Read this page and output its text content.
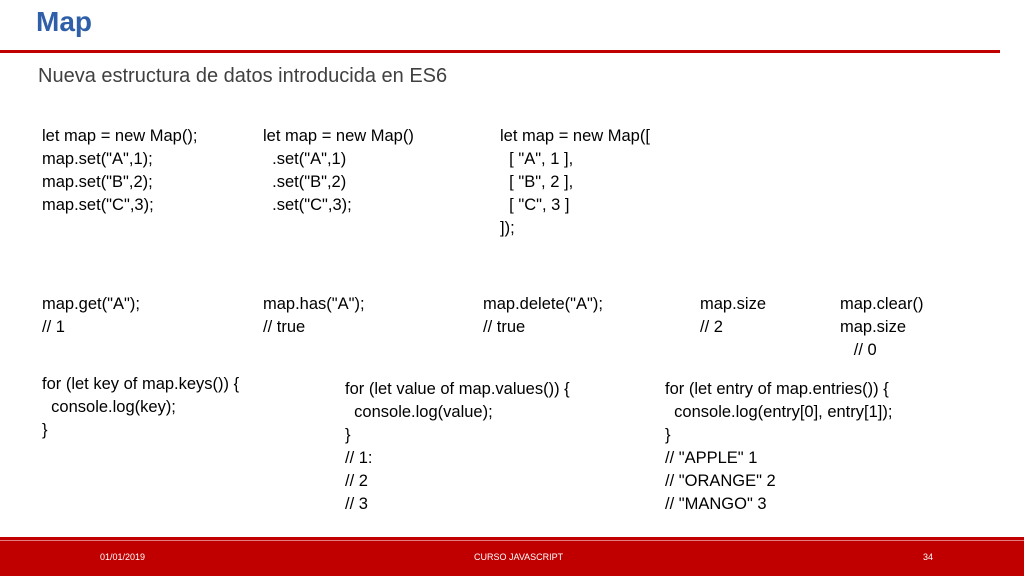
Map
Nueva estructura de datos introducida en ES6
let map = new Map();
map.set("A",1);
map.set("B",2);
map.set("C",3);
let map = new Map()
.set("A",1)
.set("B",2)
.set("C",3);
let map = new Map([
[ "A", 1 ],
[ "B", 2 ],
[ "C", 3 ]
]);
map.get("A");
// 1
map.has("A");
// true
map.delete("A");
// true
map.size
// 2
map.clear()
map.size
// 0
for (let key of map.keys()) {
console.log(key);
}
for (let value of map.values()) {
console.log(value);
}
// 1:
// 2
// 3
for (let entry of map.entries()) {
console.log(entry[0], entry[1]);
}
// "APPLE" 1
// "ORANGE" 2
// "MANGO" 3
01/01/2019	CURSO JAVASCRIPT	34
